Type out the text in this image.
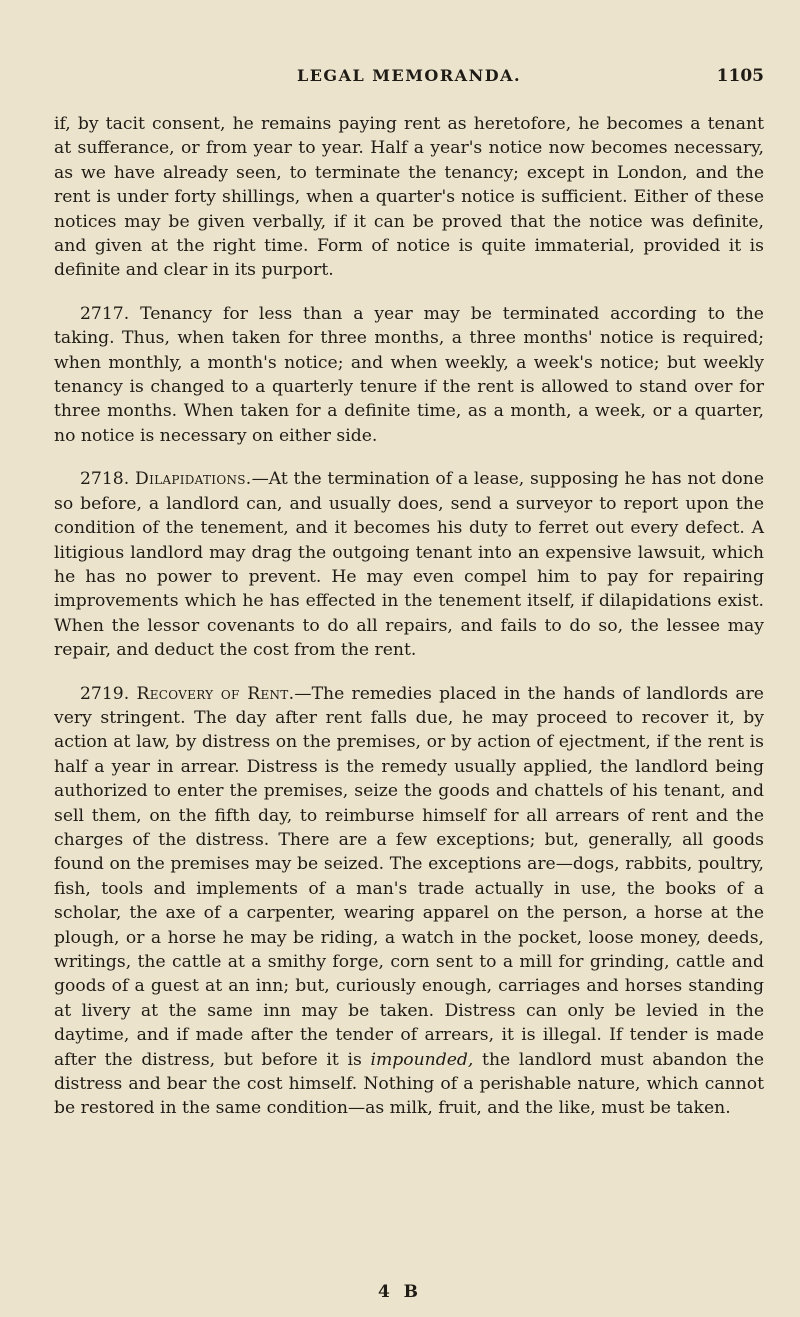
LEGAL MEMORANDA.	1105

if, by tacit consent, he remains paying rent as heretofore, he becomes a tenant at sufferance, or from year to year. Half a year's notice now becomes necessary, as we have already seen, to terminate the tenancy; except in London, and the rent is under forty shillings, when a quarter's notice is sufficient. Either of these notices may be given verbally, if it can be proved that the notice was definite, and given at the right time. Form of notice is quite immaterial, provided it is definite and clear in its purport.

2717. Tenancy for less than a year may be terminated according to the taking. Thus, when taken for three months, a three months' notice is required; when monthly, a month's notice; and when weekly, a week's notice; but weekly tenancy is changed to a quarterly tenure if the rent is allowed to stand over for three months. When taken for a definite time, as a month, a week, or a quarter, no notice is necessary on either side.

2718. Dilapidations.—At the termination of a lease, supposing he has not done so before, a landlord can, and usually does, send a surveyor to report upon the condition of the tenement, and it becomes his duty to ferret out every defect. A litigious landlord may drag the outgoing tenant into an expensive lawsuit, which he has no power to prevent. He may even compel him to pay for repairing improvements which he has effected in the tenement itself, if dilapidations exist. When the lessor covenants to do all repairs, and fails to do so, the lessee may repair, and deduct the cost from the rent.

2719. Recovery of Rent.—The remedies placed in the hands of landlords are very stringent. The day after rent falls due, he may proceed to recover it, by action at law, by distress on the premises, or by action of ejectment, if the rent is half a year in arrear. Distress is the remedy usually applied, the landlord being authorized to enter the premises, seize the goods and chattels of his tenant, and sell them, on the fifth day, to reimburse himself for all arrears of rent and the charges of the distress. There are a few exceptions; but, generally, all goods found on the premises may be seized. The exceptions are—dogs, rabbits, poultry, fish, tools and implements of a man's trade actually in use, the books of a scholar, the axe of a carpenter, wearing apparel on the person, a horse at the plough, or a horse he may be riding, a watch in the pocket, loose money, deeds, writings, the cattle at a smithy forge, corn sent to a mill for grinding, cattle and goods of a guest at an inn; but, curiously enough, carriages and horses standing at livery at the same inn may be taken. Distress can only be levied in the daytime, and if made after the tender of arrears, it is illegal. If tender is made after the distress, but before it is impounded, the landlord must abandon the distress and bear the cost himself. Nothing of a perishable nature, which cannot be restored in the same condition—as milk, fruit, and the like, must be taken.

4 B
